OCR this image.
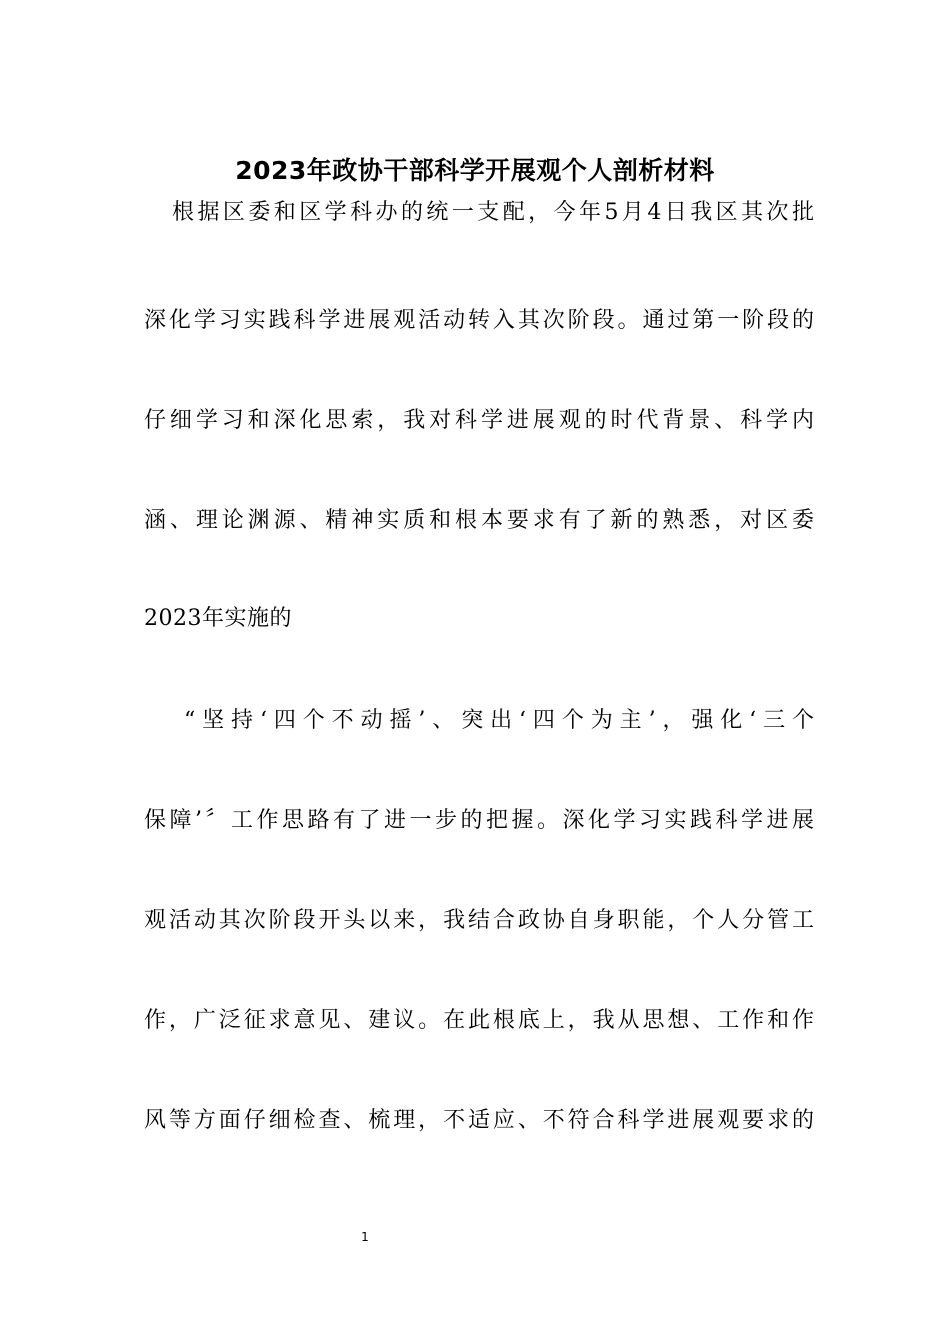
2023年政协干部科学开展观个人剖析材料

根据区委和区学科办的统一支配，今年5月4日我区其次批

深化学习实践科学进展观活动转入其次阶段。通过第一阶段的

仔细学习和深化思索，我对科学进展观的时代背景、科学内

涵、理论渊源、精神实质和根本要求有了新的熟悉，对区委

2023年实施的

“坚持‘四个不动摇’、突出‘四个为主’，强化‘三个

保障’〞工作思路有了进一步的把握。深化学习实践科学进展

观活动其次阶段开头以来，我结合政协自身职能，个人分管工

作，广泛征求意见、建议。在此根底上，我从思想、工作和作

风等方面仔细检查、梳理，不适应、不符合科学进展观要求的

1
